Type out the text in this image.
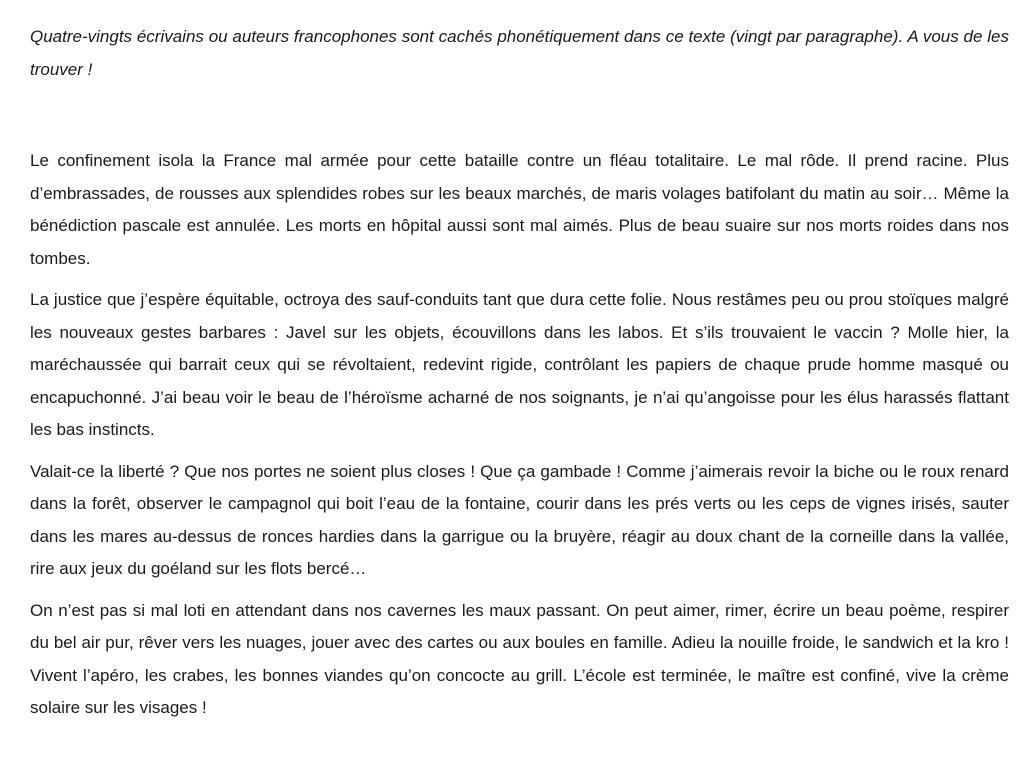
Quatre-vingts écrivains ou auteurs francophones sont cachés phonétiquement dans ce texte (vingt par paragraphe). A vous de les trouver !

Le confinement isola la France mal armée pour cette bataille contre un fléau totalitaire. Le mal rôde. Il prend racine. Plus d’embrassades, de rousses aux splendides robes sur les beaux marchés, de maris volages batifolant du matin au soir… Même la bénédiction pascale est annulée. Les morts en hôpital aussi sont mal aimés. Plus de beau suaire sur nos morts roides dans nos tombes.

La justice que j’espère équitable, octroya des sauf-conduits tant que dura cette folie. Nous restâmes peu ou prou stoïques malgré les nouveaux gestes barbares : Javel sur les objets, écouvillons dans les labos. Et s’ils trouvaient le vaccin ? Molle hier, la maréchaussée qui barrait ceux qui se révoltaient, redevint rigide, contrôlant les papiers de chaque prude homme masqué ou encapuchonné. J’ai beau voir le beau de l’héroïsme acharné de nos soignants, je n’ai qu’angoisse pour les élus harassés flattant les bas instincts.

Valait-ce la liberté ? Que nos portes ne soient plus closes ! Que ça gambade ! Comme j’aimerais revoir la biche ou le roux renard dans la forêt, observer le campagnol qui boit l’eau de la fontaine, courir dans les prés verts ou les ceps de vignes irisés, sauter dans les mares au-dessus de ronces hardies dans la garrigue ou la bruyère, réagir au doux chant de la corneille dans la vallée, rire aux jeux du goéland sur les flots bercé…

On n’est pas si mal loti en attendant dans nos cavernes les maux passant. On peut aimer, rimer, écrire un beau poème, respirer du bel air pur, rêver vers les nuages, jouer avec des cartes ou aux boules en famille. Adieu la nouille froide, le sandwich et la kro ! Vivent l’apéro, les crabes, les bonnes viandes qu’on concocte au grill. L’école est terminée, le maître est confiné, vive la crème solaire sur les visages !
